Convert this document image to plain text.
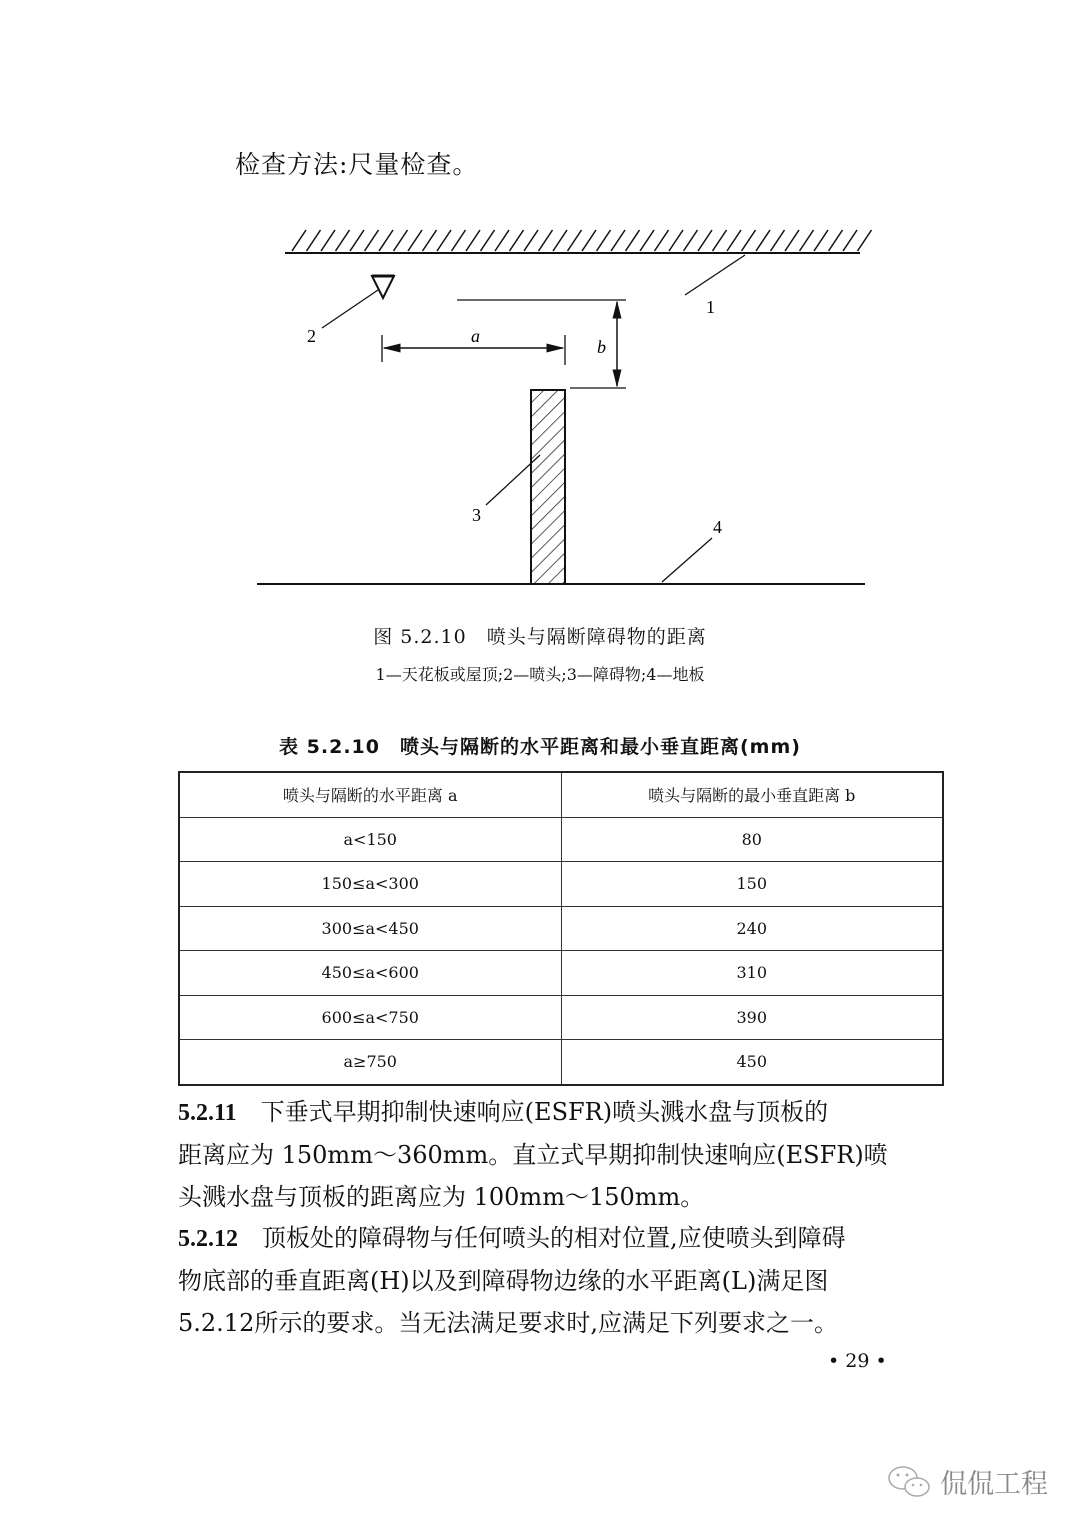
检查方法:尺量检查。
1
2
3
4
a
b
图 5.2.10　喷头与隔断障碍物的距离
1—天花板或屋顶;2—喷头;3—障碍物;4—地板
表 5.2.10　喷头与隔断的水平距离和最小垂直距离(mm)
喷头与隔断的水平距离 a	喷头与隔断的最小垂直距离 b
a<150	80
150≤a<300	150
300≤a<450	240
450≤a<600	310
600≤a<750	390
a≥750	450
5.2.11 下垂式早期抑制快速响应(ESFR)喷头溅水盘与顶板的
距离应为 150mm～360mm。直立式早期抑制快速响应(ESFR)喷
头溅水盘与顶板的距离应为 100mm～150mm。
5.2.12 顶板处的障碍物与任何喷头的相对位置,应使喷头到障碍
物底部的垂直距离(H)以及到障碍物边缘的水平距离(L)满足图
5.2.12所示的要求。当无法满足要求时,应满足下列要求之一。
• 29 •
侃侃工程
